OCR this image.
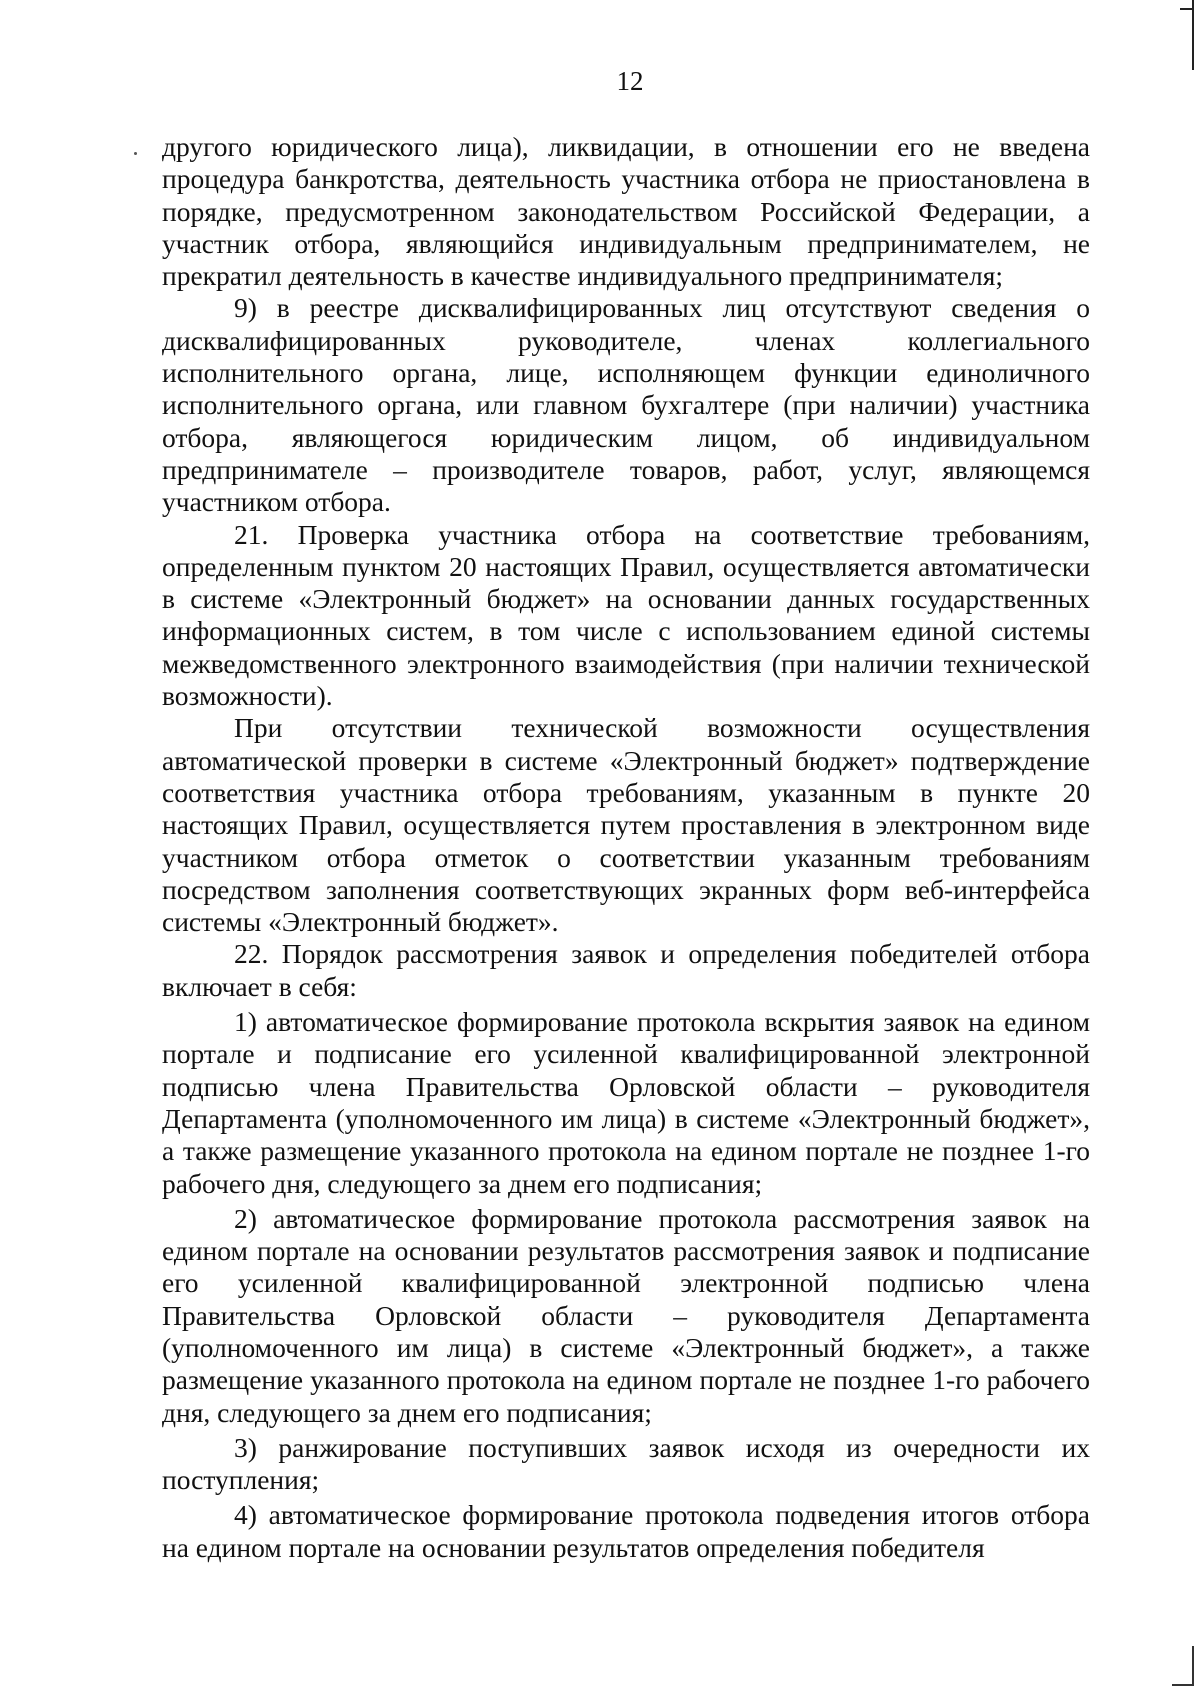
12

другого юридического лица), ликвидации, в отношении его не введена процедура банкротства, деятельность участника отбора не приостановлена в порядке, предусмотренном законодательством Российской Федерации, а участник отбора, являющийся индивидуальным предпринимателем, не прекратил деятельность в качестве индивидуального предпринимателя;

9) в реестре дисквалифицированных лиц отсутствуют сведения о дисквалифицированных руководителе, членах коллегиального исполнительного органа, лице, исполняющем функции единоличного исполнительного органа, или главном бухгалтере (при наличии) участника отбора, являющегося юридическим лицом, об индивидуальном предпринимателе – производителе товаров, работ, услуг, являющемся участником отбора.

21. Проверка участника отбора на соответствие требованиям, определенным пунктом 20 настоящих Правил, осуществляется автоматически в системе «Электронный бюджет» на основании данных государственных информационных систем, в том числе с использованием единой системы межведомственного электронного взаимодействия (при наличии технической возможности).

При отсутствии технической возможности осуществления автоматической проверки в системе «Электронный бюджет» подтверждение соответствия участника отбора требованиям, указанным в пункте 20 настоящих Правил, осуществляется путем проставления в электронном виде участником отбора отметок о соответствии указанным требованиям посредством заполнения соответствующих экранных форм веб-интерфейса системы «Электронный бюджет».

22. Порядок рассмотрения заявок и определения победителей отбора включает в себя:

1) автоматическое формирование протокола вскрытия заявок на едином портале и подписание его усиленной квалифицированной электронной подписью члена Правительства Орловской области – руководителя Департамента (уполномоченного им лица) в системе «Электронный бюджет», а также размещение указанного протокола на едином портале не позднее 1-го рабочего дня, следующего за днем его подписания;

2) автоматическое формирование протокола рассмотрения заявок на едином портале на основании результатов рассмотрения заявок и подписание его усиленной квалифицированной электронной подписью члена Правительства Орловской области – руководителя Департамента (уполномоченного им лица) в системе «Электронный бюджет», а также размещение указанного протокола на едином портале не позднее 1-го рабочего дня, следующего за днем его подписания;

3) ранжирование поступивших заявок исходя из очередности их поступления;

4) автоматическое формирование протокола подведения итогов отбора на едином портале на основании результатов определения победителя
